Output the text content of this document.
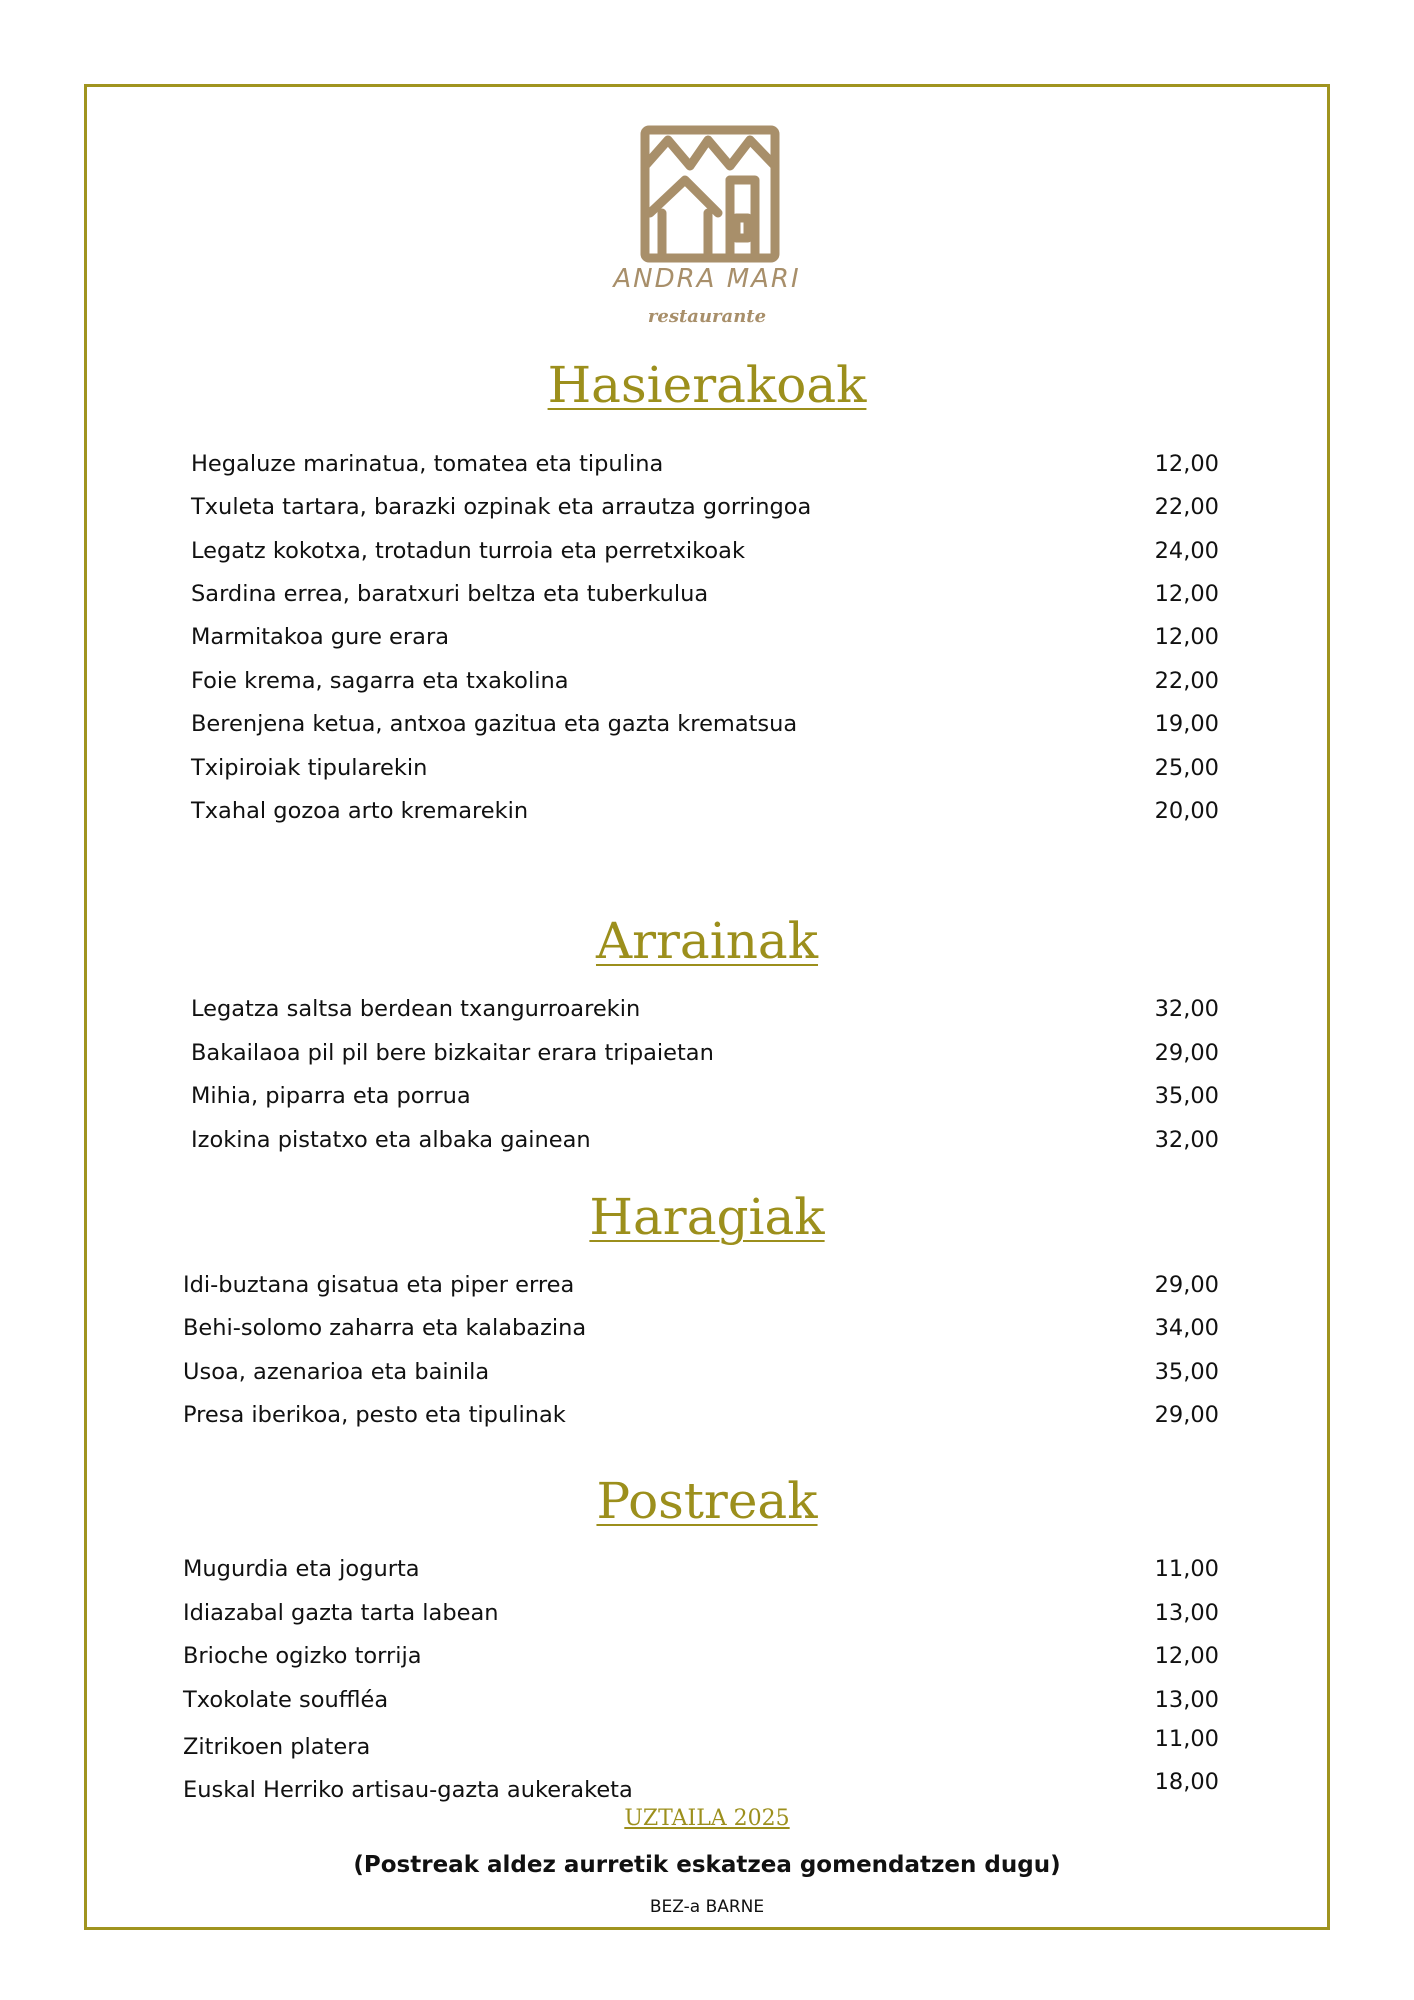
ANDRA MARI
restaurante
Hasierakoak
Hegaluze marinatua, tomatea eta tipulina	12,00
Txuleta tartara, barazki ozpinak eta arrautza gorringoa	22,00
Legatz kokotxa, trotadun turroia eta perretxikoak	24,00
Sardina errea, baratxuri beltza eta tuberkulua	12,00
Marmitakoa gure erara	12,00
Foie krema, sagarra eta txakolina	22,00
Berenjena ketua, antxoa gazitua eta gazta krematsua	19,00
Txipiroiak tipularekin	25,00
Txahal gozoa arto kremarekin	20,00
Arrainak
Legatza saltsa berdean txangurroarekin	32,00
Bakailaoa pil pil bere bizkaitar erara tripaietan	29,00
Mihia, piparra eta porrua	35,00
Izokina pistatxo eta albaka gainean	32,00
Haragiak
Idi-buztana gisatua eta piper errea	29,00
Behi-solomo zaharra eta kalabazina	34,00
Usoa, azenarioa eta bainila	35,00
Presa iberikoa, pesto eta tipulinak	29,00
Postreak
Mugurdia eta jogurta	11,00
Idiazabal gazta tarta labean	13,00
Brioche ogizko torrija	12,00
Txokolate souffléa	13,00
Zitrikoen platera	11,00
Euskal Herriko artisau-gazta aukeraketa	18,00
UZTAILA 2025
(Postreak aldez aurretik eskatzea gomendatzen dugu)
BEZ-a BARNE
